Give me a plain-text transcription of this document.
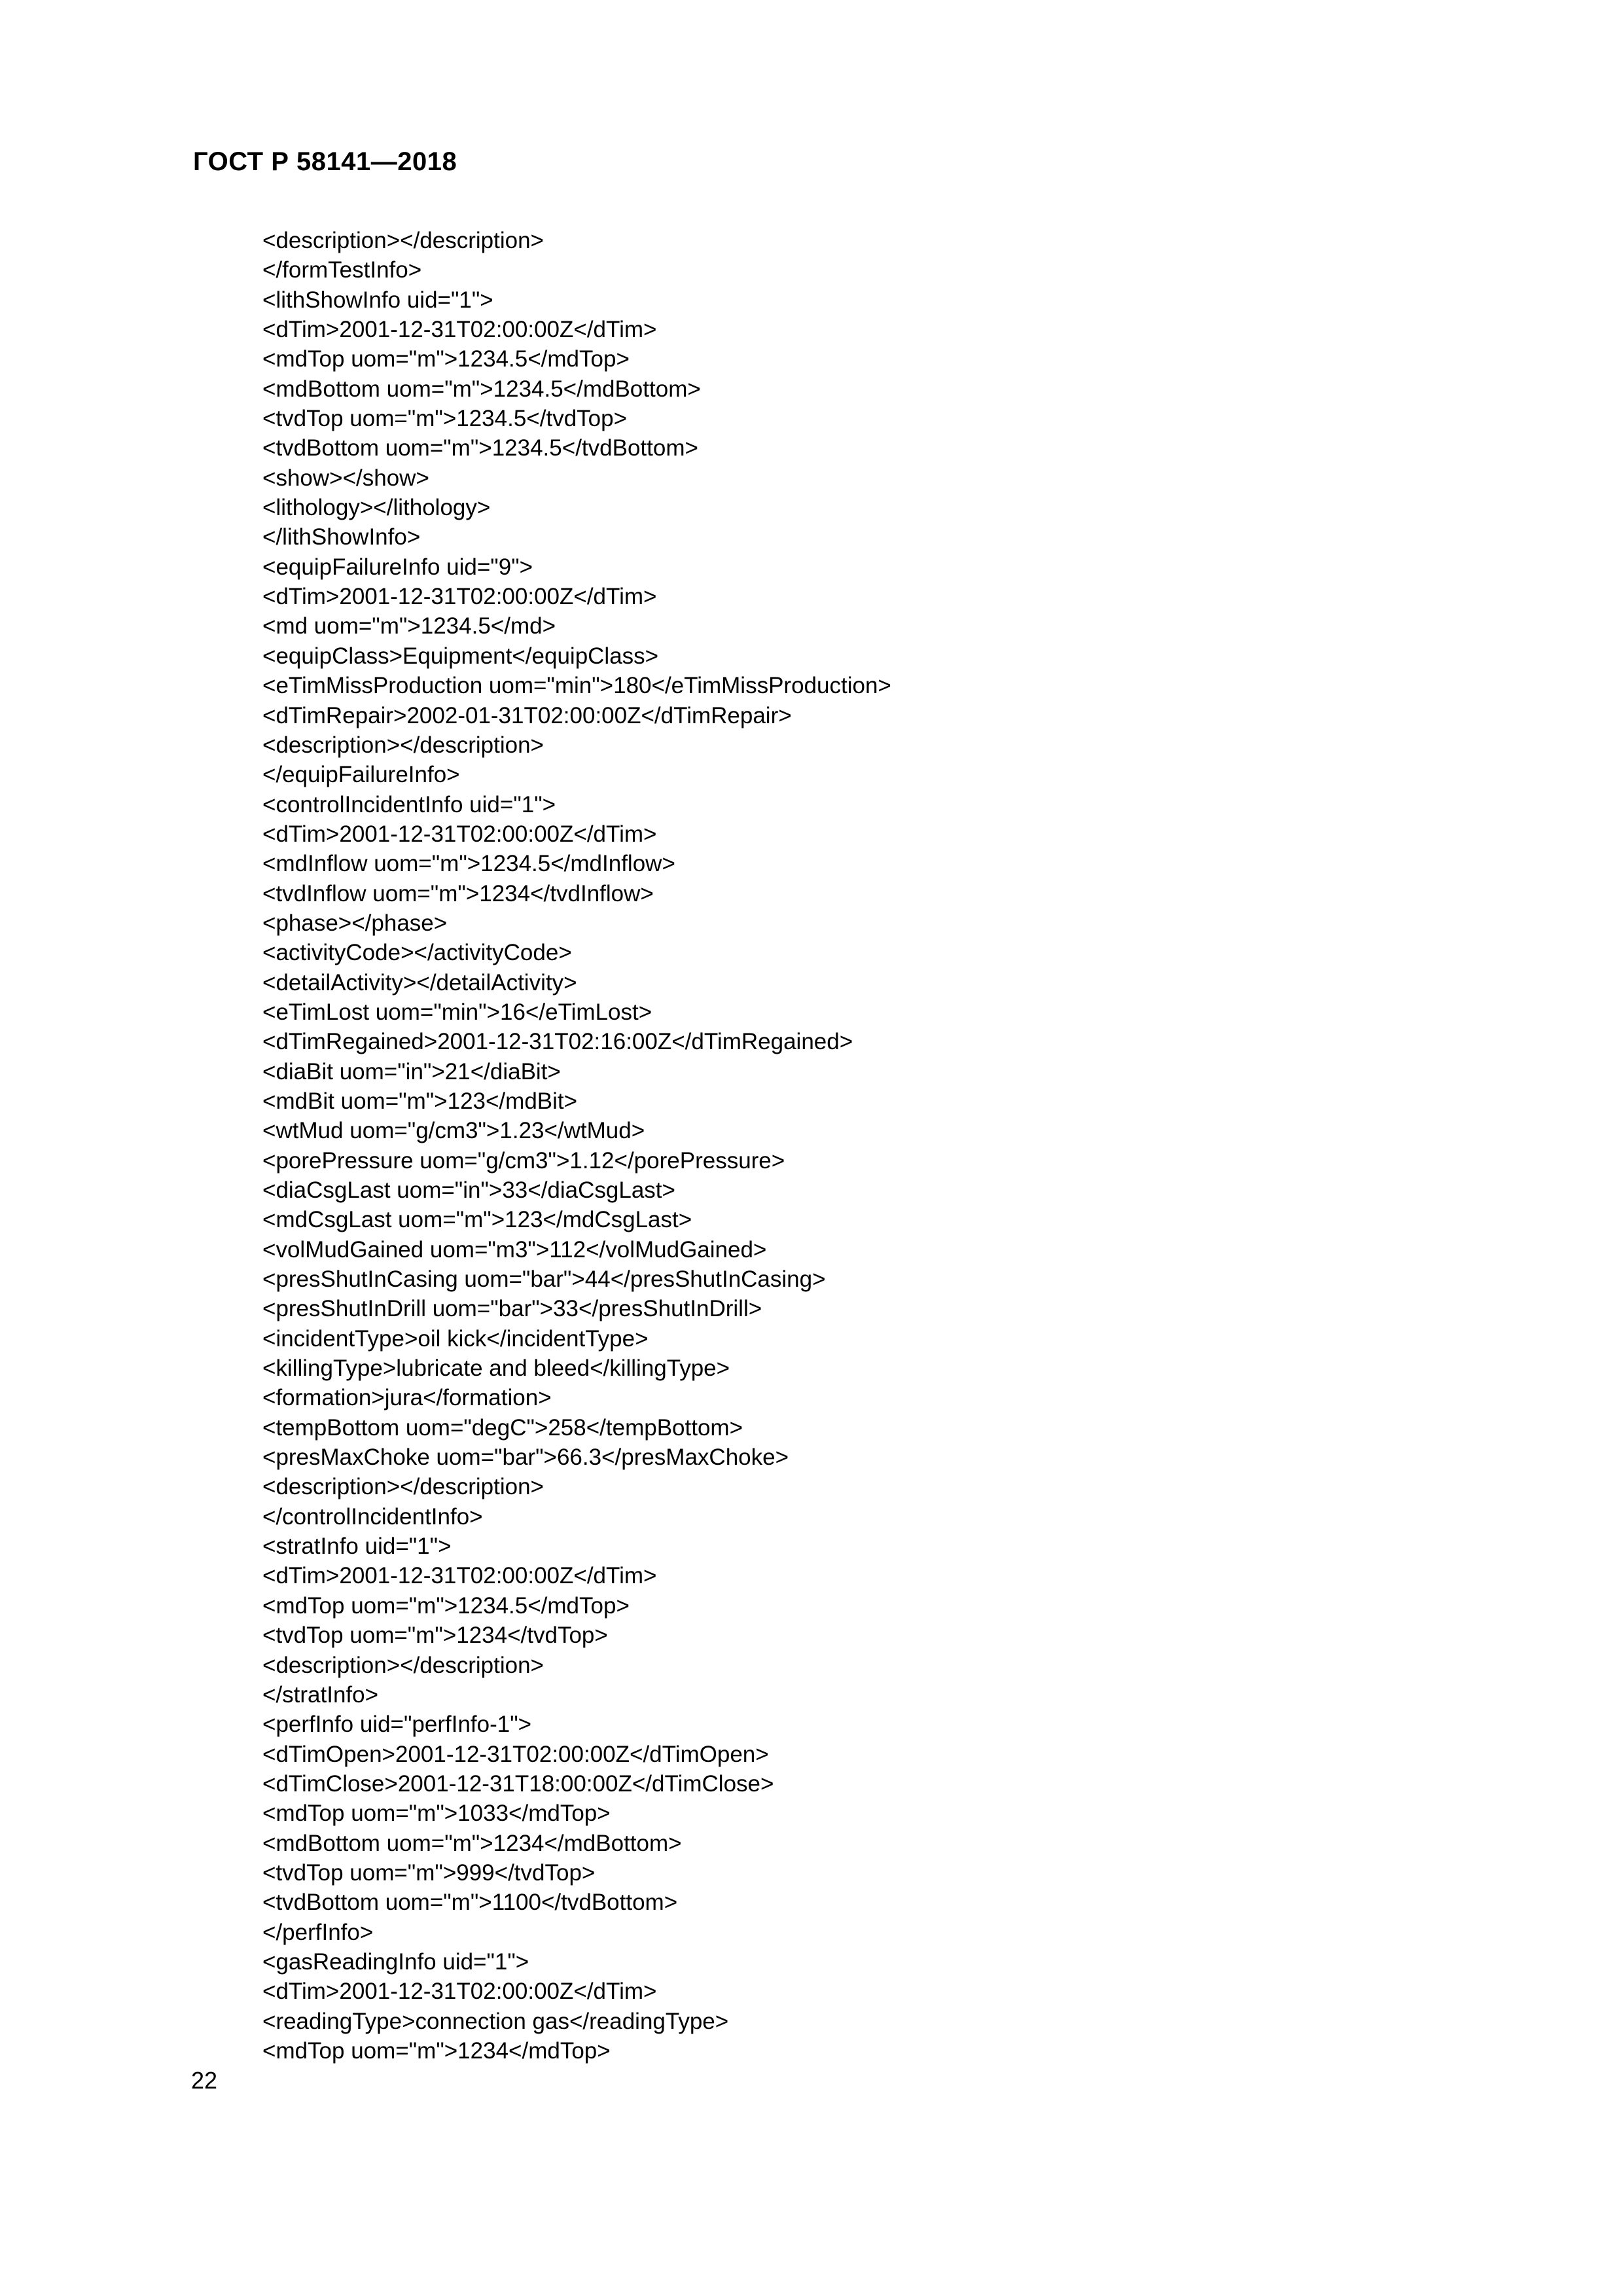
ГОСТ Р 58141—2018
<description></description>
</formTestInfo>
<lithShowInfo uid="1">
<dTim>2001-12-31T02:00:00Z</dTim>
<mdTop uom="m">1234.5</mdTop>
<mdBottom uom="m">1234.5</mdBottom>
<tvdTop uom="m">1234.5</tvdTop>
<tvdBottom uom="m">1234.5</tvdBottom>
<show></show>
<lithology></lithology>
</lithShowInfo>
<equipFailureInfo uid="9">
<dTim>2001-12-31T02:00:00Z</dTim>
<md uom="m">1234.5</md>
<equipClass>Equipment</equipClass>
<eTimMissProduction uom="min">180</eTimMissProduction>
<dTimRepair>2002-01-31T02:00:00Z</dTimRepair>
<description></description>
</equipFailureInfo>
<controlIncidentInfo uid="1">
<dTim>2001-12-31T02:00:00Z</dTim>
<mdInflow uom="m">1234.5</mdInflow>
<tvdInflow uom="m">1234</tvdInflow>
<phase></phase>
<activityCode></activityCode>
<detailActivity></detailActivity>
<eTimLost uom="min">16</eTimLost>
<dTimRegained>2001-12-31T02:16:00Z</dTimRegained>
<diaBit uom="in">21</diaBit>
<mdBit uom="m">123</mdBit>
<wtMud uom="g/cm3">1.23</wtMud>
<porePressure uom="g/cm3">1.12</porePressure>
<diaCsgLast uom="in">33</diaCsgLast>
<mdCsgLast uom="m">123</mdCsgLast>
<volMudGained uom="m3">112</volMudGained>
<presShutInCasing uom="bar">44</presShutInCasing>
<presShutInDrill uom="bar">33</presShutInDrill>
<incidentType>oil kick</incidentType>
<killingType>lubricate and bleed</killingType>
<formation>jura</formation>
<tempBottom uom="degC">258</tempBottom>
<presMaxChoke uom="bar">66.3</presMaxChoke>
<description></description>
</controlIncidentInfo>
<stratInfo uid="1">
<dTim>2001-12-31T02:00:00Z</dTim>
<mdTop uom="m">1234.5</mdTop>
<tvdTop uom="m">1234</tvdTop>
<description></description>
</stratInfo>
<perfInfo uid="perfInfo-1">
<dTimOpen>2001-12-31T02:00:00Z</dTimOpen>
<dTimClose>2001-12-31T18:00:00Z</dTimClose>
<mdTop uom="m">1033</mdTop>
<mdBottom uom="m">1234</mdBottom>
<tvdTop uom="m">999</tvdTop>
<tvdBottom uom="m">1100</tvdBottom>
</perfInfo>
<gasReadingInfo uid="1">
<dTim>2001-12-31T02:00:00Z</dTim>
<readingType>connection gas</readingType>
<mdTop uom="m">1234</mdTop>
22
